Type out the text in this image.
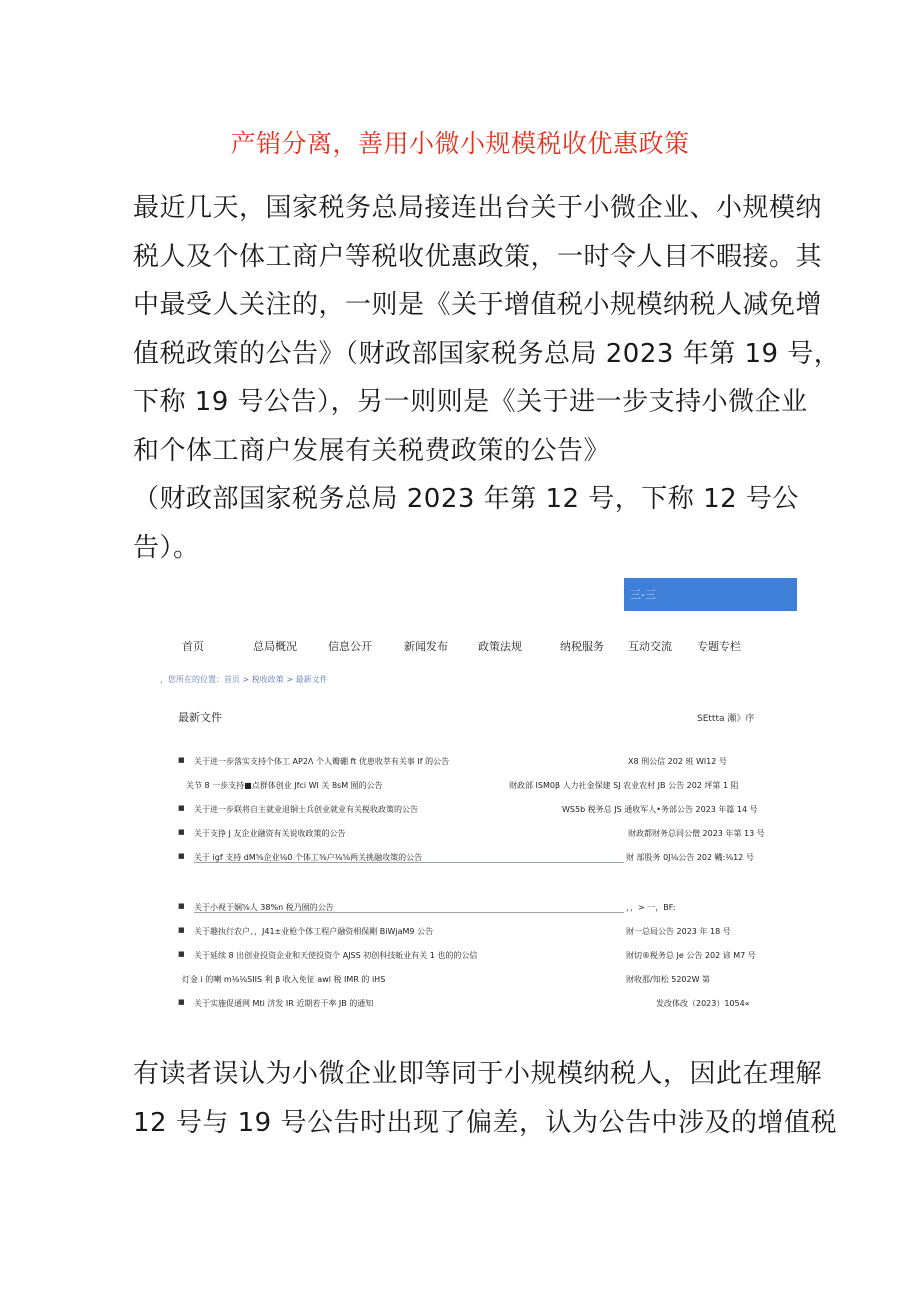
产销分离，善用小微小规模税收优惠政策

最近几天，国家税务总局接连出台关于小微企业、小规模纳
税人及个体工商户等税收优惠政策，一时令人目不暇接。其
中最受人关注的，一则是《关于增值税小规模纳税人减免增
值税政策的公告》（财政部国家税务总局 2023 年第 19 号，
下称 19 号公告），另一则则是《关于进一步支持小微企业
和个体工商户发展有关税费政策的公告》
（财政部国家税务总局 2023 年第 12 号，下称 12 号公
告）。

三-三
首页	总局概况	信息公开	新闻发布	政策法规	纳税服务 互动交流 专题专栏
，您所在的位置：首页 > 税收政策 > 最新文件
最新文件	SEttta 瀬》序
■ 关于进一步落实支持个体工 AP2Λ 个人瓣硼 ft 优患收莘有关事 If 的公告	X8 刑公信 202 班 Wl12 号
关节 8 一步支持■点群体创业 Jfci WI 关 8sM 囿的公告	财政部 ISM0β 人力社金保建 SJ 农业农村 JB 公告 202 坪第 1 阻
■ 关于进一步联将自主就业退铜士兵创业就业有关税收政策的公告	WS5b 税务总 JS 通收军人•务部公告 2023 年篇 14 号
■ 关于支挣 J 友企业融资有关说收政策的公告	财政都财务总同公僧 2023 年第 13 号
■ 关于 igf 支持 dM⅝企业⅛0 个体工⅜户⅛⅝两关挑融攻策的公告	财 部股务 0J⅛公告 202 鞴:⅛12 号
■ 关于小视于娴⅝人 38%n 税乃囿的公告	，，> 一，BF:
■ 关于趣执行农户、，J41±业枪个体工程户融资相保剛 BiWjaM9 公告	财一总局公告 2023 年 18 号
■ 关于延续 8 出创业投资企业和天使投资个 AJSS 初创科技蚯业有关 1 也的的公信	财切®税务总 Je 公告 202 谚 M7 号
灯金 i 的喇 m⅛⅛SIIS 利 β 收入免征 awl 税 IMR 的 iHS	财收那/知松 5202W 第
■ 关于实施促通网 Mti 济发 IR 近期若干率 JB 的通知	发改体改（2023）1054«

有读者误认为小微企业即等同于小规模纳税人，因此在理解
12 号与 19 号公告时出现了偏差，认为公告中涉及的增值税
